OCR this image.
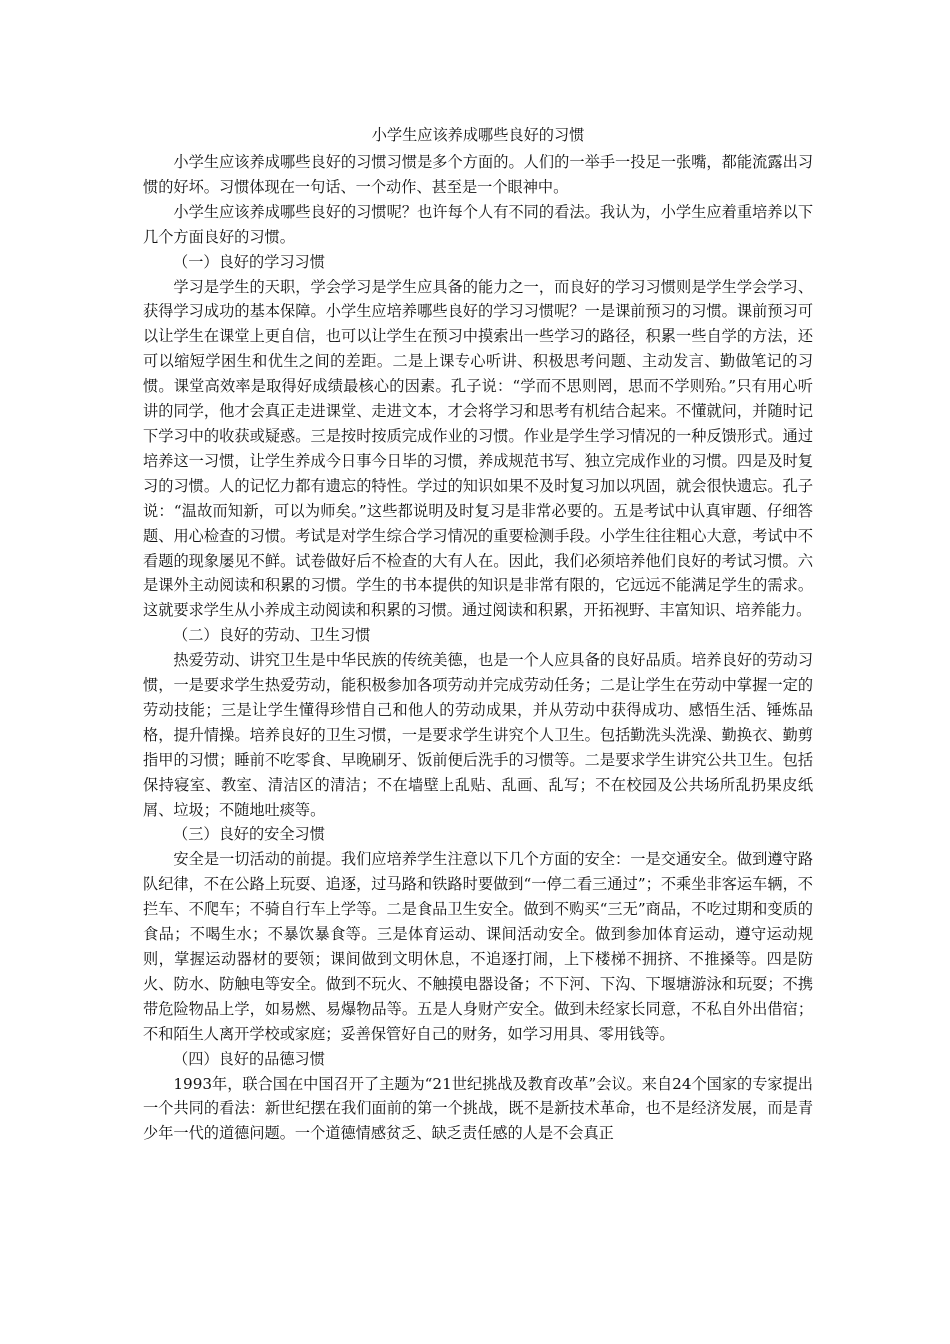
小学生应该养成哪些良好的习惯

小学生应该养成哪些良好的习惯习惯是多个方面的。人们的一举手一投足一张嘴，都能流露出习惯的好坏。习惯体现在一句话、一个动作、甚至是一个眼神中。

小学生应该养成哪些良好的习惯呢？也许每个人有不同的看法。我认为，小学生应着重培养以下几个方面良好的习惯。

（一）良好的学习习惯

学习是学生的天职，学会学习是学生应具备的能力之一，而良好的学习习惯则是学生学会学习、获得学习成功的基本保障。小学生应培养哪些良好的学习习惯呢？一是课前预习的习惯。课前预习可以让学生在课堂上更自信，也可以让学生在预习中摸索出一些学习的路径，积累一些自学的方法，还可以缩短学困生和优生之间的差距。二是上课专心听讲、积极思考问题、主动发言、勤做笔记的习惯。课堂高效率是取得好成绩最核心的因素。孔子说：“学而不思则罔，思而不学则殆。”只有用心听讲的同学，他才会真正走进课堂、走进文本，才会将学习和思考有机结合起来。不懂就问，并随时记下学习中的收获或疑惑。三是按时按质完成作业的习惯。作业是学生学习情况的一种反馈形式。通过培养这一习惯，让学生养成今日事今日毕的习惯，养成规范书写、独立完成作业的习惯。四是及时复习的习惯。人的记忆力都有遗忘的特性。学过的知识如果不及时复习加以巩固，就会很快遗忘。孔子说：“温故而知新，可以为师矣。”这些都说明及时复习是非常必要的。五是考试中认真审题、仔细答题、用心检查的习惯。考试是对学生综合学习情况的重要检测手段。小学生往往粗心大意，考试中不看题的现象屡见不鲜。试卷做好后不检查的大有人在。因此，我们必须培养他们良好的考试习惯。六是课外主动阅读和积累的习惯。学生的书本提供的知识是非常有限的，它远远不能满足学生的需求。这就要求学生从小养成主动阅读和积累的习惯。通过阅读和积累，开拓视野、丰富知识、培养能力。

（二）良好的劳动、卫生习惯

热爱劳动、讲究卫生是中华民族的传统美德，也是一个人应具备的良好品质。培养良好的劳动习惯，一是要求学生热爱劳动，能积极参加各项劳动并完成劳动任务；二是让学生在劳动中掌握一定的劳动技能；三是让学生懂得珍惜自己和他人的劳动成果，并从劳动中获得成功、感悟生活、锤炼品格，提升情操。培养良好的卫生习惯，一是要求学生讲究个人卫生。包括勤洗头洗澡、勤换衣、勤剪指甲的习惯；睡前不吃零食、早晚刷牙、饭前便后洗手的习惯等。二是要求学生讲究公共卫生。包括保持寝室、教室、清洁区的清洁；不在墙壁上乱贴、乱画、乱写；不在校园及公共场所乱扔果皮纸屑、垃圾；不随地吐痰等。

（三）良好的安全习惯

安全是一切活动的前提。我们应培养学生注意以下几个方面的安全：一是交通安全。做到遵守路队纪律，不在公路上玩耍、追逐，过马路和铁路时要做到“一停二看三通过”；不乘坐非客运车辆，不拦车、不爬车；不骑自行车上学等。二是食品卫生安全。做到不购买“三无”商品，不吃过期和变质的食品；不喝生水；不暴饮暴食等。三是体育运动、课间活动安全。做到参加体育运动，遵守运动规则，掌握运动器材的要领；课间做到文明休息，不追逐打闹，上下楼梯不拥挤、不推搡等。四是防火、防水、防触电等安全。做到不玩火、不触摸电器设备；不下河、下沟、下堰塘游泳和玩耍；不携带危险物品上学，如易燃、易爆物品等。五是人身财产安全。做到未经家长同意，不私自外出借宿；不和陌生人离开学校或家庭；妥善保管好自己的财务，如学习用具、零用钱等。

（四）良好的品德习惯

1993年，联合国在中国召开了主题为“21世纪挑战及教育改革”会议。来自24个国家的专家提出一个共同的看法：新世纪摆在我们面前的第一个挑战，既不是新技术革命，也不是经济发展，而是青少年一代的道德问题。一个道德情感贫乏、缺乏责任感的人是不会真正
